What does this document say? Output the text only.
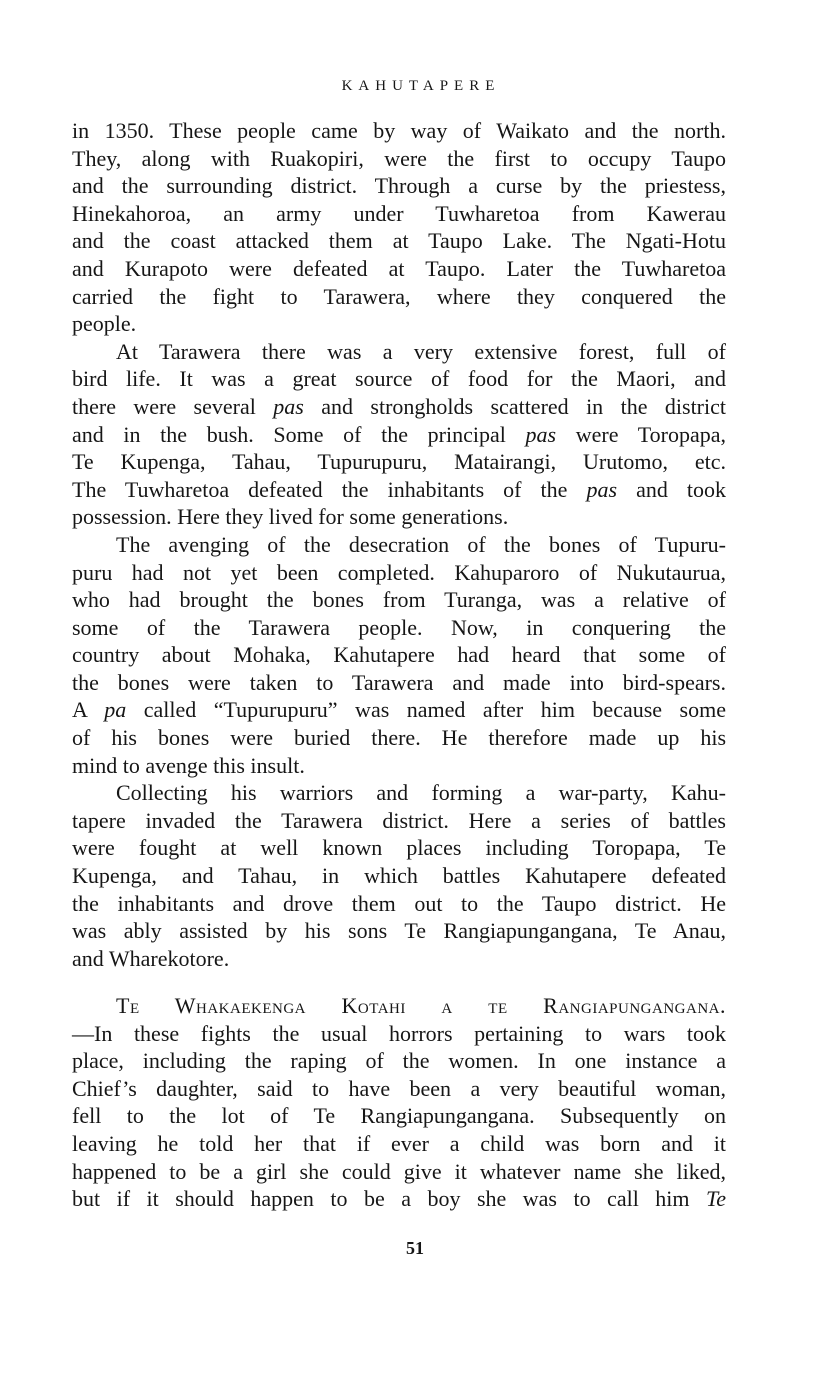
KAHUTAPERE

in 1350. These people came by way of Waikato and the north.

They, along with Ruakopiri, were the first to occupy Taupo

and the surrounding district. Through a curse by the priestess,

Hinekahoroa, an army under Tuwharetoa from Kawerau

and the coast attacked them at Taupo Lake. The Ngati-Hotu

and Kurapoto were defeated at Taupo. Later the Tuwharetoa

carried the fight to Tarawera, where they conquered the

people.

At Tarawera there was a very extensive forest, full of

bird life. It was a great source of food for the Maori, and

there were several pas and strongholds scattered in the district

and in the bush. Some of the principal pas were Toropapa,

Te Kupenga, Tahau, Tupurupuru, Matairangi, Urutomo, etc.

The Tuwharetoa defeated the inhabitants of the pas and took

possession. Here they lived for some generations.

The avenging of the desecration of the bones of Tupuru-

puru had not yet been completed. Kahuparoro of Nukutaurua,

who had brought the bones from Turanga, was a relative of

some of the Tarawera people. Now, in conquering the

country about Mohaka, Kahutapere had heard that some of

the bones were taken to Tarawera and made into bird-spears.

A pa called “Tupurupuru” was named after him because some

of his bones were buried there. He therefore made up his

mind to avenge this insult.

Collecting his warriors and forming a war-party, Kahu-

tapere invaded the Tarawera district. Here a series of battles

were fought at well known places including Toropapa, Te

Kupenga, and Tahau, in which battles Kahutapere defeated

the inhabitants and drove them out to the Taupo district. He

was ably assisted by his sons Te Rangiapungangana, Te Anau,

and Wharekotore.

Te Whakaekenga Kotahi a te Rangiapungangana.

—In these fights the usual horrors pertaining to wars took

place, including the raping of the women. In one instance a

Chief’s daughter, said to have been a very beautiful woman,

fell to the lot of Te Rangiapungangana. Subsequently on

leaving he told her that if ever a child was born and it

happened to be a girl she could give it whatever name she liked,

but if it should happen to be a boy she was to call him Te

51
